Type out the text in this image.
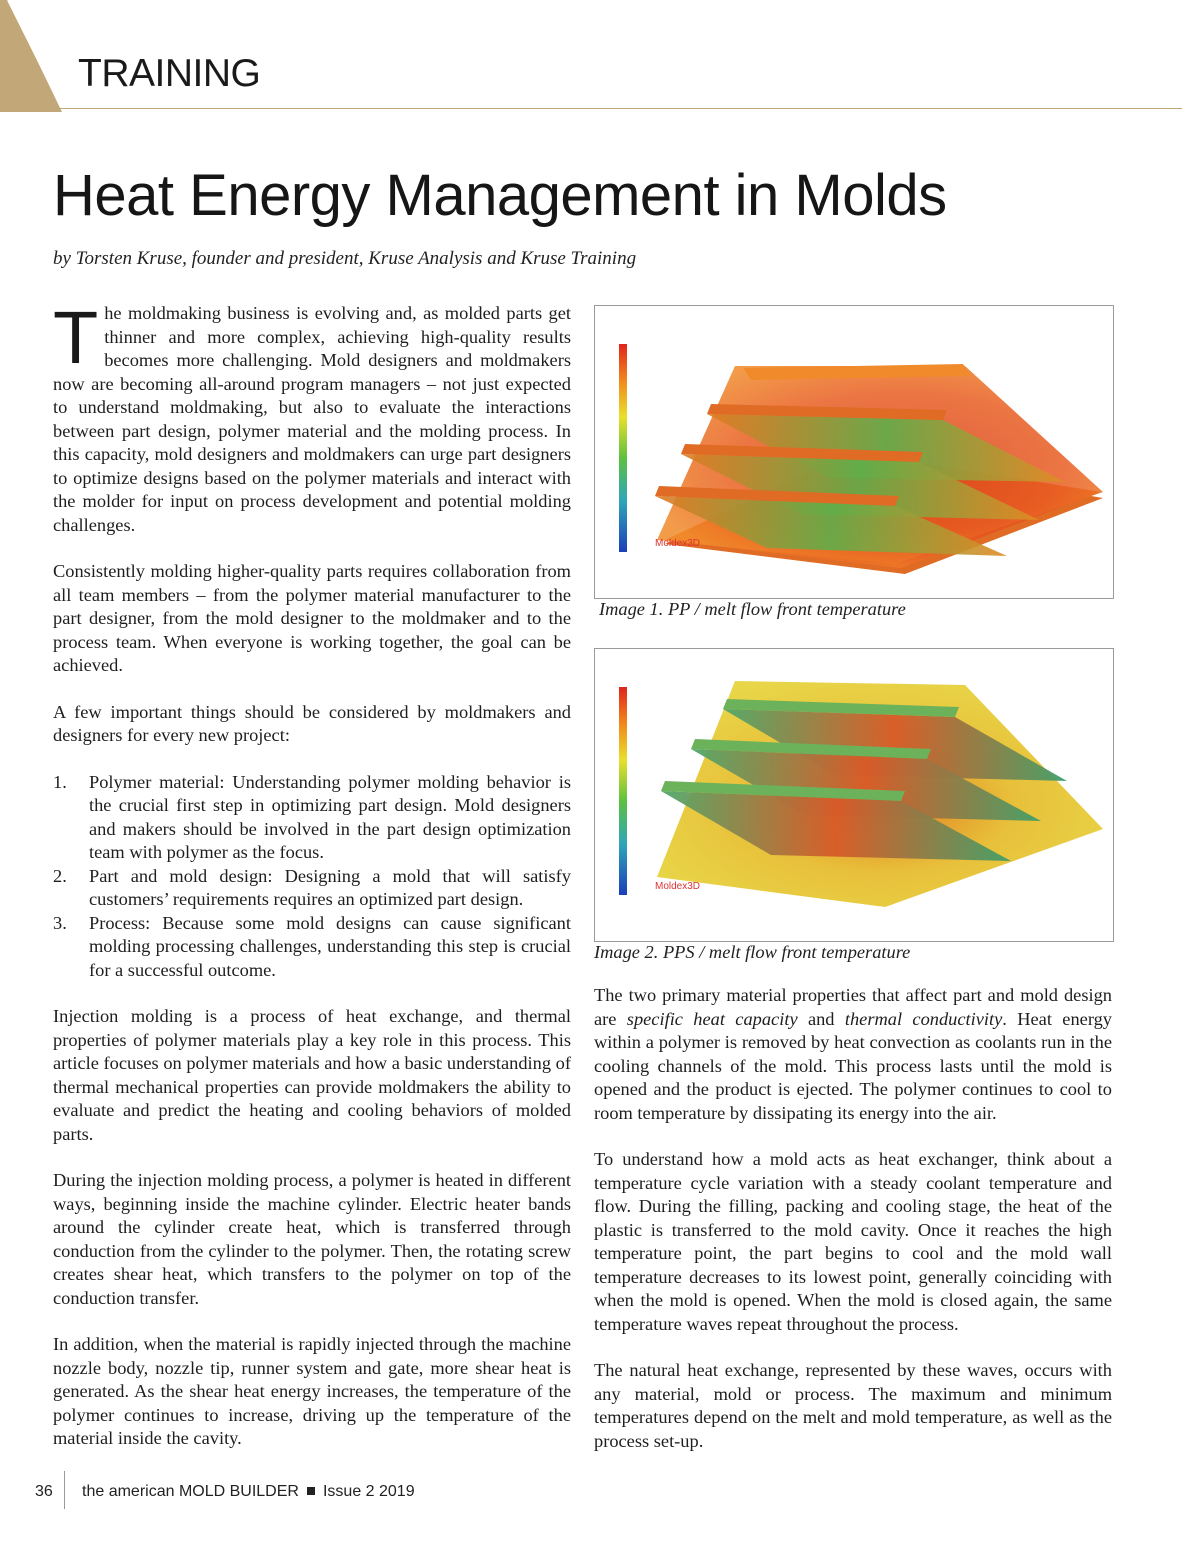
TRAINING
Heat Energy Management in Molds
by Torsten Kruse, founder and president, Kruse Analysis and Kruse Training

The moldmaking business is evolving and, as molded parts get thinner and more complex, achieving high-quality results becomes more challenging. Mold designers and moldmakers now are becoming all-around program managers – not just expected to understand moldmaking, but also to evaluate the interactions between part design, polymer material and the molding process. In this capacity, mold designers and moldmakers can urge part designers to optimize designs based on the polymer materials and interact with the molder for input on process development and potential molding challenges.

Consistently molding higher-quality parts requires collaboration from all team members – from the polymer material manufacturer to the part designer, from the mold designer to the moldmaker and to the process team. When everyone is working together, the goal can be achieved.

A few important things should be considered by moldmakers and designers for every new project:

1. Polymer material: Understanding polymer molding behavior is the crucial first step in optimizing part design. Mold designers and makers should be involved in the part design optimization team with polymer as the focus.
2. Part and mold design: Designing a mold that will satisfy customers’ requirements requires an optimized part design.
3. Process: Because some mold designs can cause significant molding processing challenges, understanding this step is crucial for a successful outcome.

Injection molding is a process of heat exchange, and thermal properties of polymer materials play a key role in this process. This article focuses on polymer materials and how a basic understanding of thermal mechanical properties can provide moldmakers the ability to evaluate and predict the heating and cooling behaviors of molded parts.

During the injection molding process, a polymer is heated in different ways, beginning inside the machine cylinder. Electric heater bands around the cylinder create heat, which is transferred through conduction from the cylinder to the polymer. Then, the rotating screw creates shear heat, which transfers to the polymer on top of the conduction transfer.

In addition, when the material is rapidly injected through the machine nozzle body, nozzle tip, runner system and gate, more shear heat is generated. As the shear heat energy increases, the temperature of the polymer continues to increase, driving up the temperature of the material inside the cavity.

Moldex3D
Image 1. PP / melt flow front temperature
Moldex3D
Image 2. PPS / melt flow front temperature

The two primary material properties that affect part and mold design are specific heat capacity and thermal conductivity. Heat energy within a polymer is removed by heat convection as coolants run in the cooling channels of the mold. This process lasts until the mold is opened and the product is ejected. The polymer continues to cool to room temperature by dissipating its energy into the air.

To understand how a mold acts as heat exchanger, think about a temperature cycle variation with a steady coolant temperature and flow. During the filling, packing and cooling stage, the heat of the plastic is transferred to the mold cavity. Once it reaches the high temperature point, the part begins to cool and the mold wall temperature decreases to its lowest point, generally coinciding with when the mold is opened. When the mold is closed again, the same temperature waves repeat throughout the process.

The natural heat exchange, represented by these waves, occurs with any material, mold or process. The maximum and minimum temperatures depend on the melt and mold temperature, as well as the process set-up.

36 the american MOLD BUILDER Issue 2 2019
